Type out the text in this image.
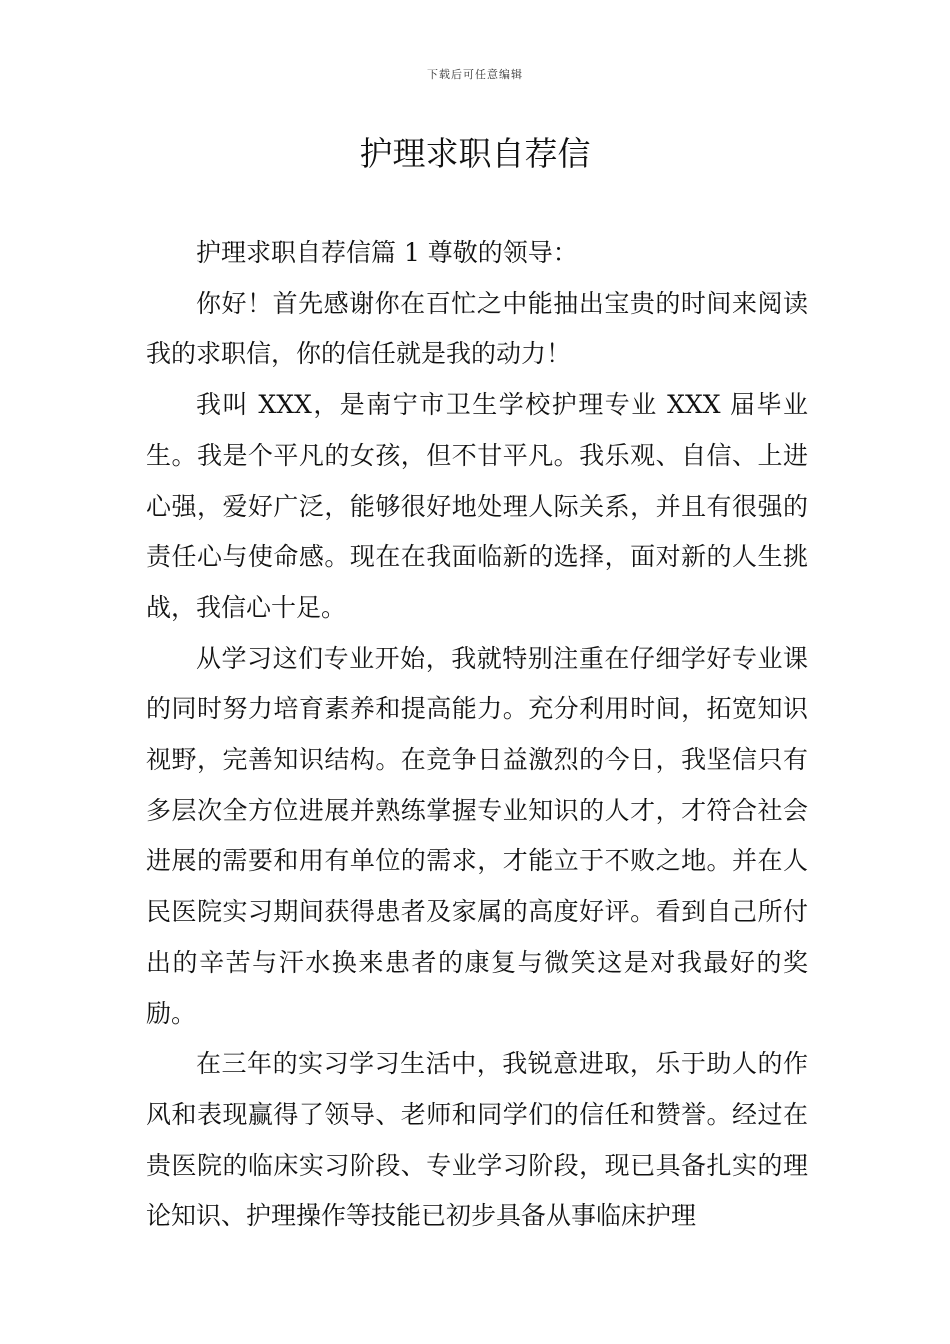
下载后可任意编辑
护理求职自荐信

护理求职自荐信篇 1 尊敬的领导：

你好！首先感谢你在百忙之中能抽出宝贵的时间来阅读我的求职信，你的信任就是我的动力！

我叫 XXX，是南宁市卫生学校护理专业 XXX 届毕业生。我是个平凡的女孩，但不甘平凡。我乐观、自信、上进心强，爱好广泛，能够很好地处理人际关系，并且有很强的责任心与使命感。现在在我面临新的选择，面对新的人生挑战，我信心十足。

从学习这们专业开始，我就特别注重在仔细学好专业课的同时努力培育素养和提高能力。充分利用时间，拓宽知识视野，完善知识结构。在竞争日益激烈的今日，我坚信只有多层次全方位进展并熟练掌握专业知识的人才，才符合社会进展的需要和用有单位的需求，才能立于不败之地。并在人民医院实习期间获得患者及家属的高度好评。看到自己所付出的辛苦与汗水换来患者的康复与微笑这是对我最好的奖励。

在三年的实习学习生活中，我锐意进取，乐于助人的作风和表现赢得了领导、老师和同学们的信任和赞誉。经过在贵医院的临床实习阶段、专业学习阶段，现已具备扎实的理论知识、护理操作等技能已初步具备从事临床护理
